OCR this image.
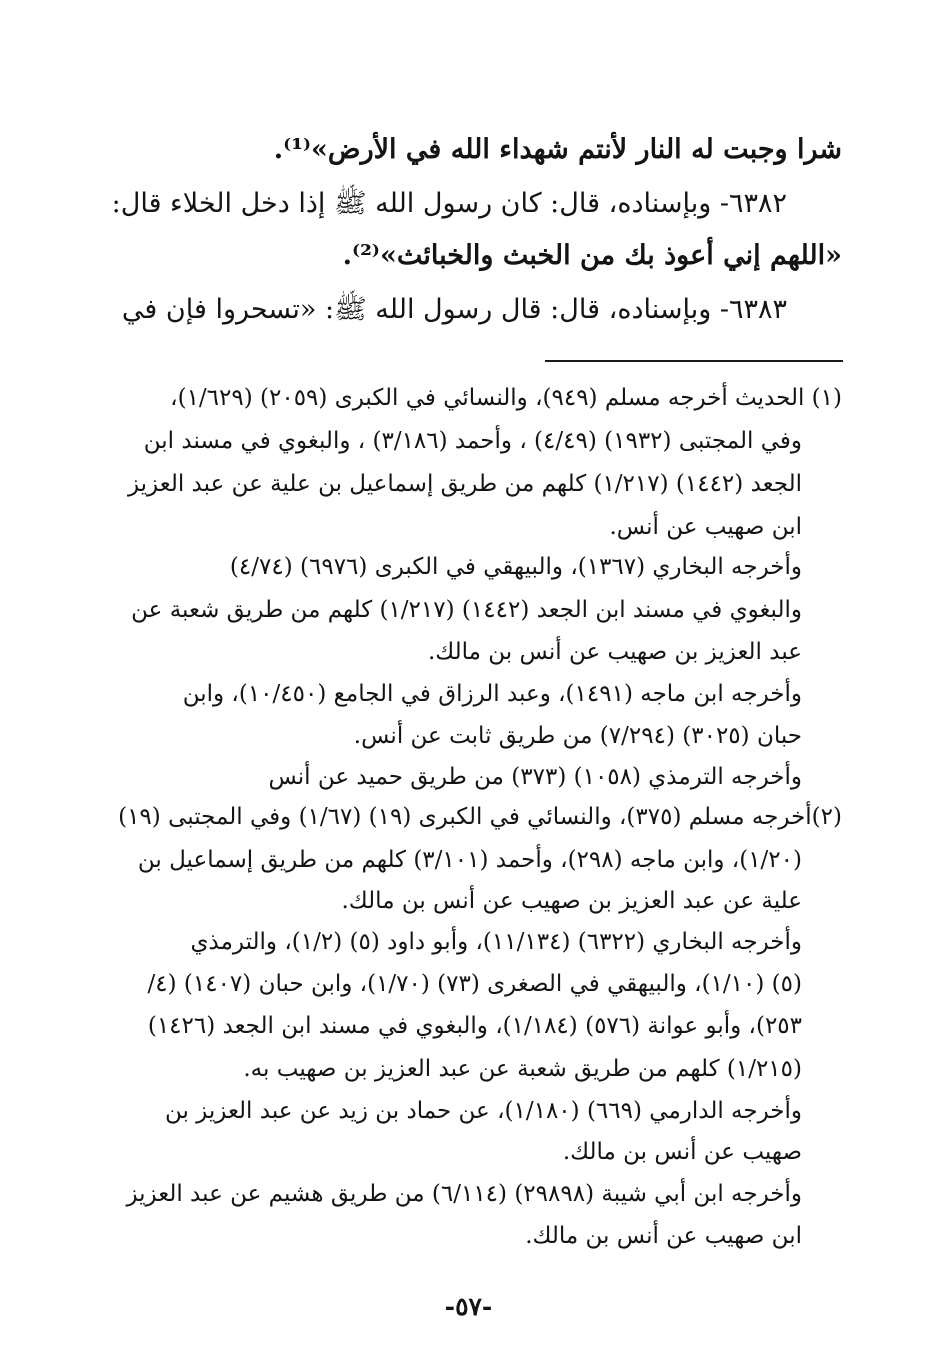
شرا وجبت له النار لأنتم شهداء الله في الأرض»⁽¹⁾.
٦٣٨٢- وبإسناده، قال: كان رسول الله ﷺ إذا دخل الخلاء قال:
«اللهم إني أعوذ بك من الخبث والخبائث»⁽²⁾.
٦٣٨٣- وبإسناده، قال: قال رسول الله ﷺ: «تسحروا فإن في
(١) الحديث أخرجه مسلم (٩٤٩)، والنسائي في الكبرى (٢٠٥٩) (١/٦٢٩)،
وفي المجتبى (١٩٣٢) (٤/٤٩) ، وأحمد (٣/١٨٦) ، والبغوي في مسند ابن
الجعد (١٤٤٢) (١/٢١٧) كلهم من طريق إسماعيل بن علية عن عبد العزيز
ابن صهيب عن أنس.
وأخرجه البخاري (١٣٦٧)، والبيهقي في الكبرى (٦٩٧٦) (٤/٧٤)
والبغوي في مسند ابن الجعد (١٤٤٢) (١/٢١٧) كلهم من طريق شعبة عن
عبد العزيز بن صهيب عن أنس بن مالك.
وأخرجه ابن ماجه (١٤٩١)، وعبد الرزاق في الجامع (١٠/٤٥٠)، وابن
حبان (٣٠٢٥) (٧/٢٩٤) من طريق ثابت عن أنس.
وأخرجه الترمذي (١٠٥٨) (٣٧٣) من طريق حميد عن أنس
(٢)أخرجه مسلم (٣٧٥)، والنسائي في الكبرى (١٩) (١/٦٧) وفي المجتبى (١٩)
(١/٢٠)، وابن ماجه (٢٩٨)، وأحمد (٣/١٠١) كلهم من طريق إسماعيل بن
علية عن عبد العزيز بن صهيب عن أنس بن مالك.
وأخرجه البخاري (٦٣٢٢) (١١/١٣٤)، وأبو داود (٥) (١/٢)، والترمذي
(٥) (١/١٠)، والبيهقي في الصغرى (٧٣) (١/٧٠)، وابن حبان (١٤٠٧) (٤/
٢٥٣)، وأبو عوانة (٥٧٦) (١/١٨٤)، والبغوي في مسند ابن الجعد (١٤٢٦)
(١/٢١٥) كلهم من طريق شعبة عن عبد العزيز بن صهيب به.
وأخرجه الدارمي (٦٦٩) (١/١٨٠)، عن حماد بن زيد عن عبد العزيز بن
صهيب عن أنس بن مالك.
وأخرجه ابن أبي شيبة (٢٩٨٩٨) (٦/١١٤) من طريق هشيم عن عبد العزيز
ابن صهيب عن أنس بن مالك.
-٥٧-
